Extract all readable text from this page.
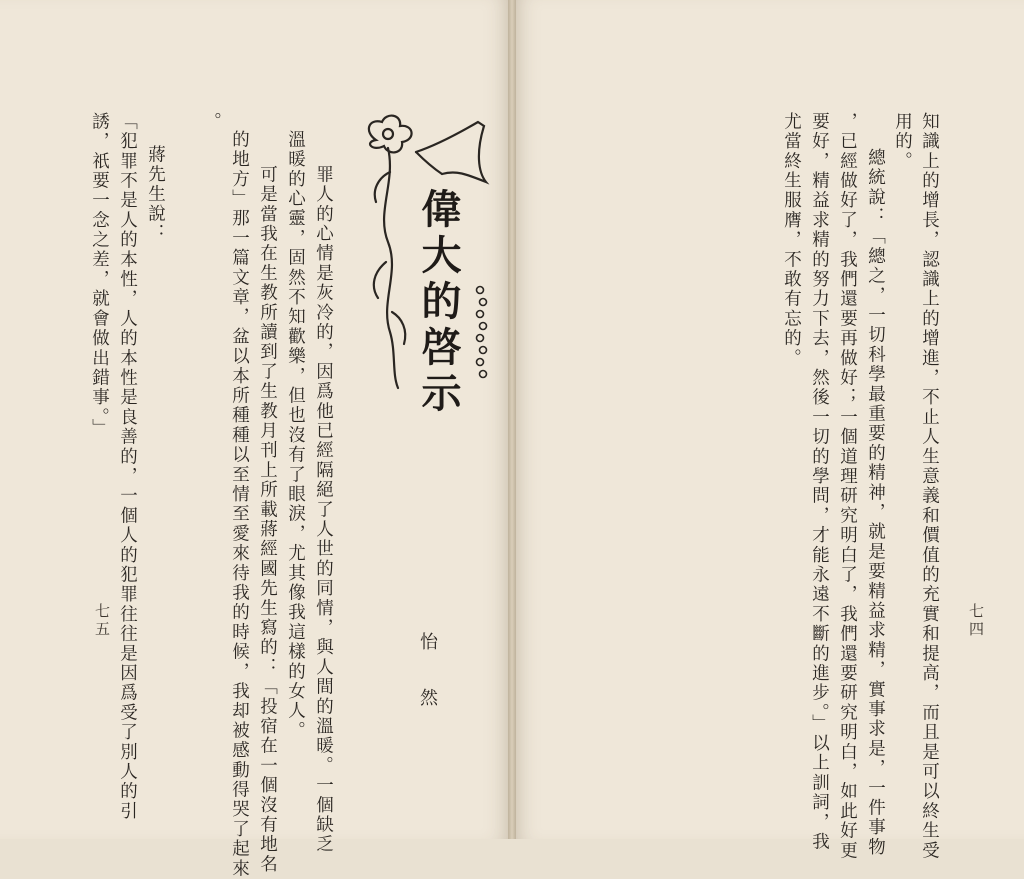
七四
知識上的增長，認識上的增進，不止人生意義和價值的充實和提高，而且是可以終生受
用的。
總統說：「總之，一切科學最重要的精神，就是要精益求精，實事求是，一件事物
，已經做好了，我們還要再做好；一個道理研究明白了，我們還要研究明白，如此好更
要好，精益求精的努力下去，然後一切的學問，才能永遠不斷的進步。」以上訓詞，我
尤當終生服膺，不敢有忘的。
偉大的啓示
怡然
罪人的心情是灰冷的，因爲他已經隔絕了人世的同情，與人間的溫暖。一個缺乏
溫暖的心靈，固然不知歡樂，但也沒有了眼淚，尤其像我這樣的女人。
可是當我在生教所讀到了生教月刊上所載蔣經國先生寫的：「投宿在一個沒有地名
的地方」那一篇文章，盆以本所種種以至情至愛來待我的時候，我却被感動得哭了起來
。
蔣先生說：
「犯罪不是人的本性，人的本性是良善的，一個人的犯罪往往是因爲受了別人的引
誘，祇要一念之差，就會做出錯事。」
七五
